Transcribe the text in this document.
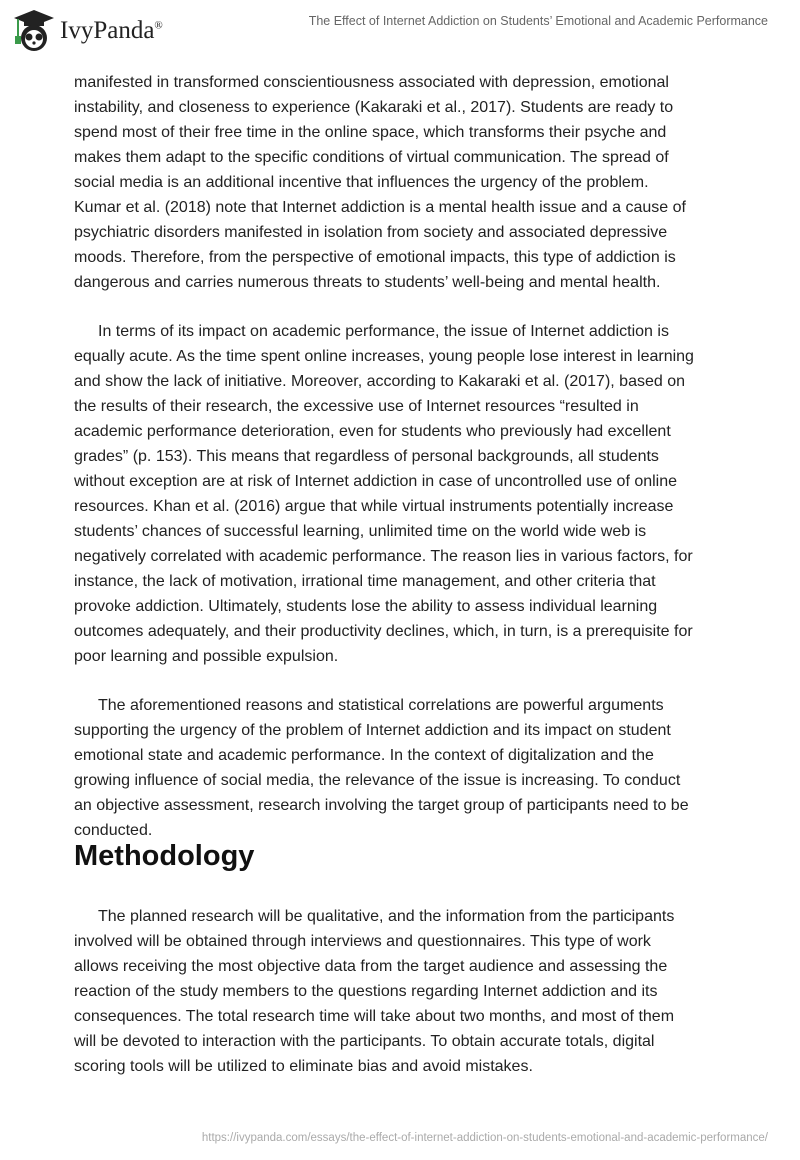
IvyPanda®	The Effect of Internet Addiction on Students’ Emotional and Academic Performance
manifested in transformed conscientiousness associated with depression, emotional
instability, and closeness to experience (Kakaraki et al., 2017). Students are ready to
spend most of their free time in the online space, which transforms their psyche and
makes them adapt to the specific conditions of virtual communication. The spread of
social media is an additional incentive that influences the urgency of the problem.
Kumar et al. (2018) note that Internet addiction is a mental health issue and a cause of
psychiatric disorders manifested in isolation from society and associated depressive
moods. Therefore, from the perspective of emotional impacts, this type of addiction is
dangerous and carries numerous threats to students’ well-being and mental health.
In terms of its impact on academic performance, the issue of Internet addiction is
equally acute. As the time spent online increases, young people lose interest in learning
and show the lack of initiative. Moreover, according to Kakaraki et al. (2017), based on
the results of their research, the excessive use of Internet resources “resulted in
academic performance deterioration, even for students who previously had excellent
grades” (p. 153). This means that regardless of personal backgrounds, all students
without exception are at risk of Internet addiction in case of uncontrolled use of online
resources. Khan et al. (2016) argue that while virtual instruments potentially increase
students’ chances of successful learning, unlimited time on the world wide web is
negatively correlated with academic performance. The reason lies in various factors, for
instance, the lack of motivation, irrational time management, and other criteria that
provoke addiction. Ultimately, students lose the ability to assess individual learning
outcomes adequately, and their productivity declines, which, in turn, is a prerequisite for
poor learning and possible expulsion.
The aforementioned reasons and statistical correlations are powerful arguments
supporting the urgency of the problem of Internet addiction and its impact on student
emotional state and academic performance. In the context of digitalization and the
growing influence of social media, the relevance of the issue is increasing. To conduct
an objective assessment, research involving the target group of participants need to be
conducted.
Methodology
The planned research will be qualitative, and the information from the participants
involved will be obtained through interviews and questionnaires. This type of work
allows receiving the most objective data from the target audience and assessing the
reaction of the study members to the questions regarding Internet addiction and its
consequences. The total research time will take about two months, and most of them
will be devoted to interaction with the participants. To obtain accurate totals, digital
scoring tools will be utilized to eliminate bias and avoid mistakes.
https://ivypanda.com/essays/the-effect-of-internet-addiction-on-students-emotional-and-academic-performance/
